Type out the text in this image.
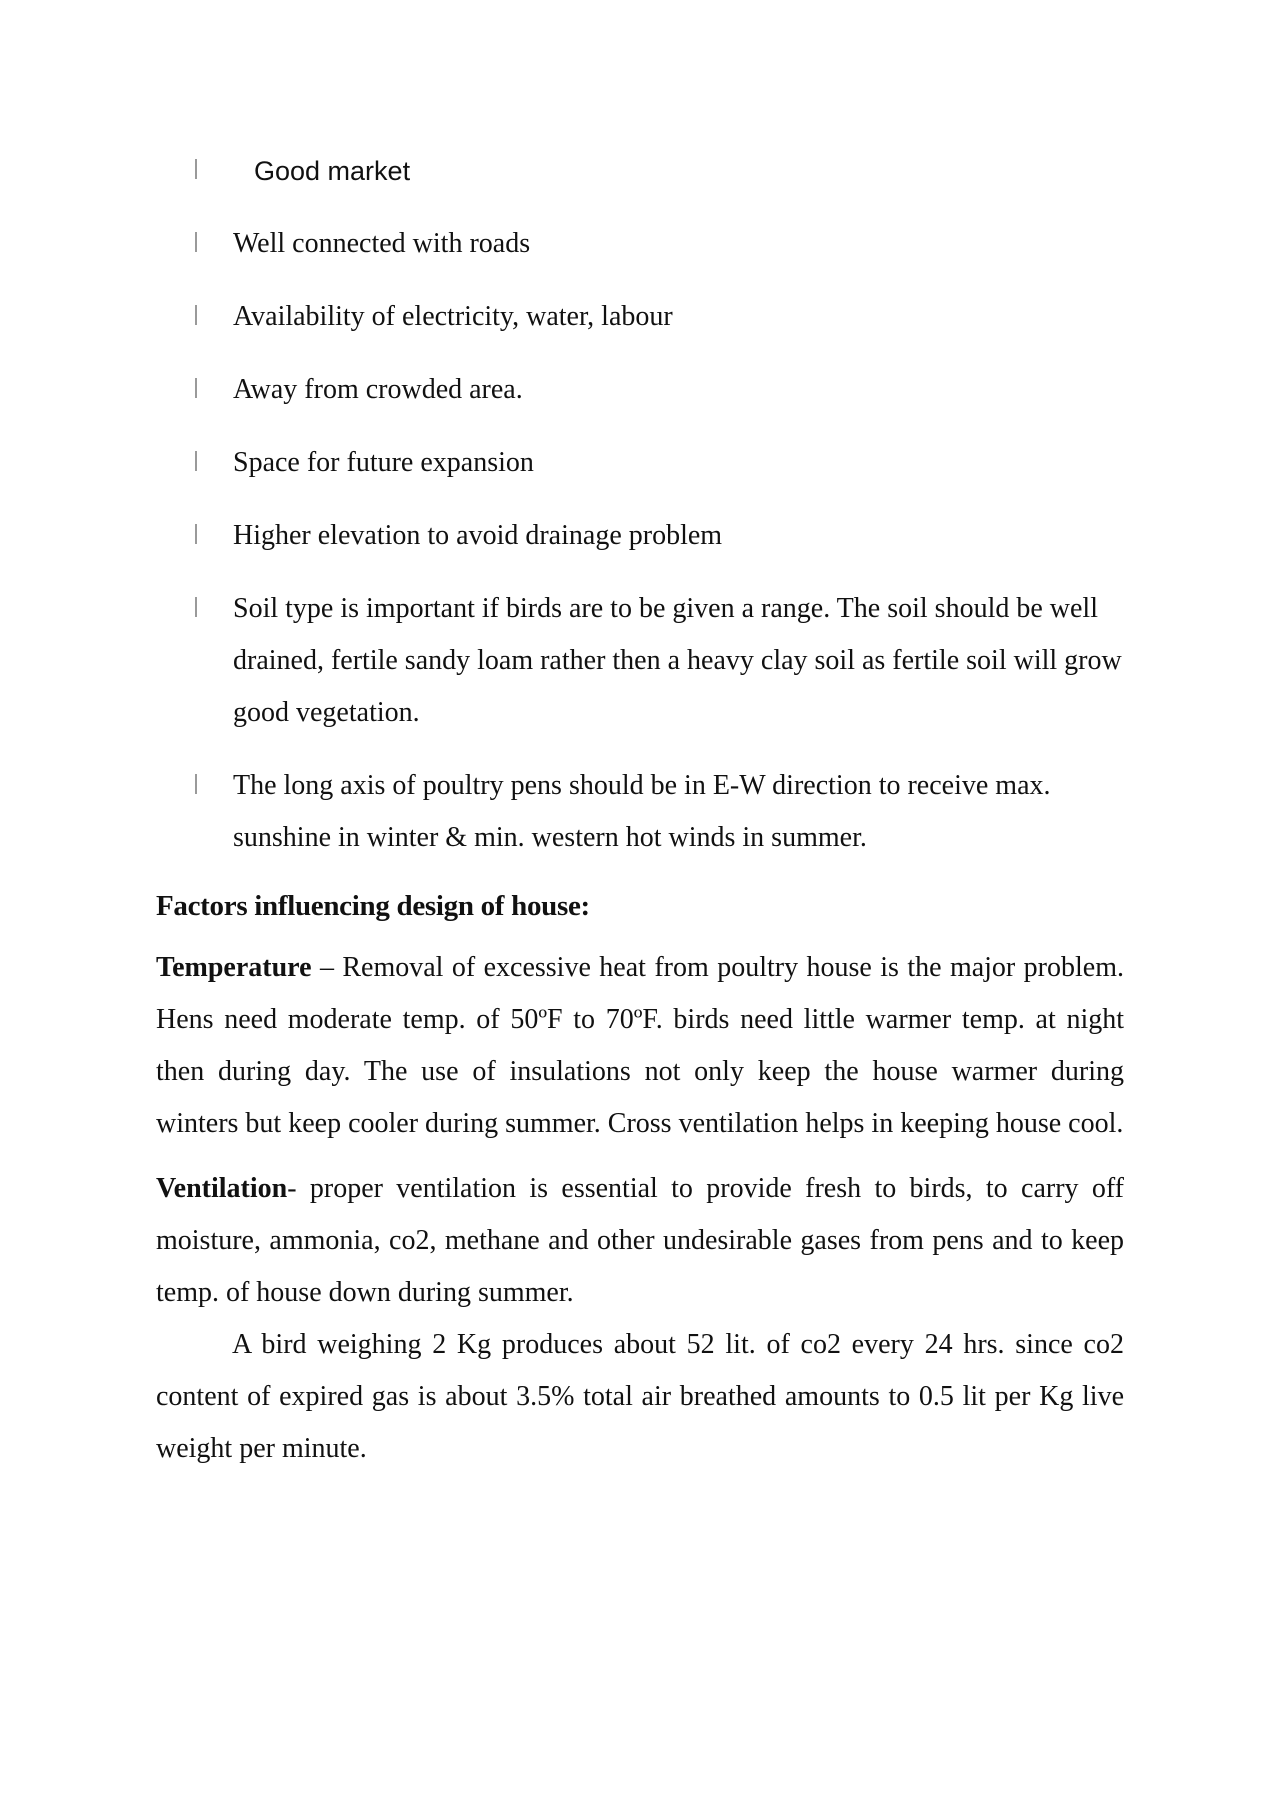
Good market
Well connected with roads
Availability of electricity, water, labour
Away from crowded area.
Space for future expansion
Higher elevation to avoid drainage problem
Soil type is important if birds are to be given a range. The soil should be well drained, fertile sandy loam rather then a heavy clay soil as fertile soil will grow good vegetation.
The long axis of poultry pens should be in E-W direction to receive max. sunshine in winter & min. western hot winds in summer.
Factors influencing design of house:

Temperature – Removal of excessive heat from poultry house is the major problem. Hens need moderate temp. of 50ºF to 70ºF. birds need little warmer temp. at night then during day. The use of insulations not only keep the house warmer during winters but keep cooler during summer. Cross ventilation helps in keeping house cool.

Ventilation- proper ventilation is essential to provide fresh to birds, to carry off moisture, ammonia, co2, methane and other undesirable gases from pens and to keep temp. of house down during summer.

A bird weighing 2 Kg produces about 52 lit. of co2 every 24 hrs. since co2 content of expired gas is about 3.5% total air breathed amounts to 0.5 lit per Kg live weight per minute.
